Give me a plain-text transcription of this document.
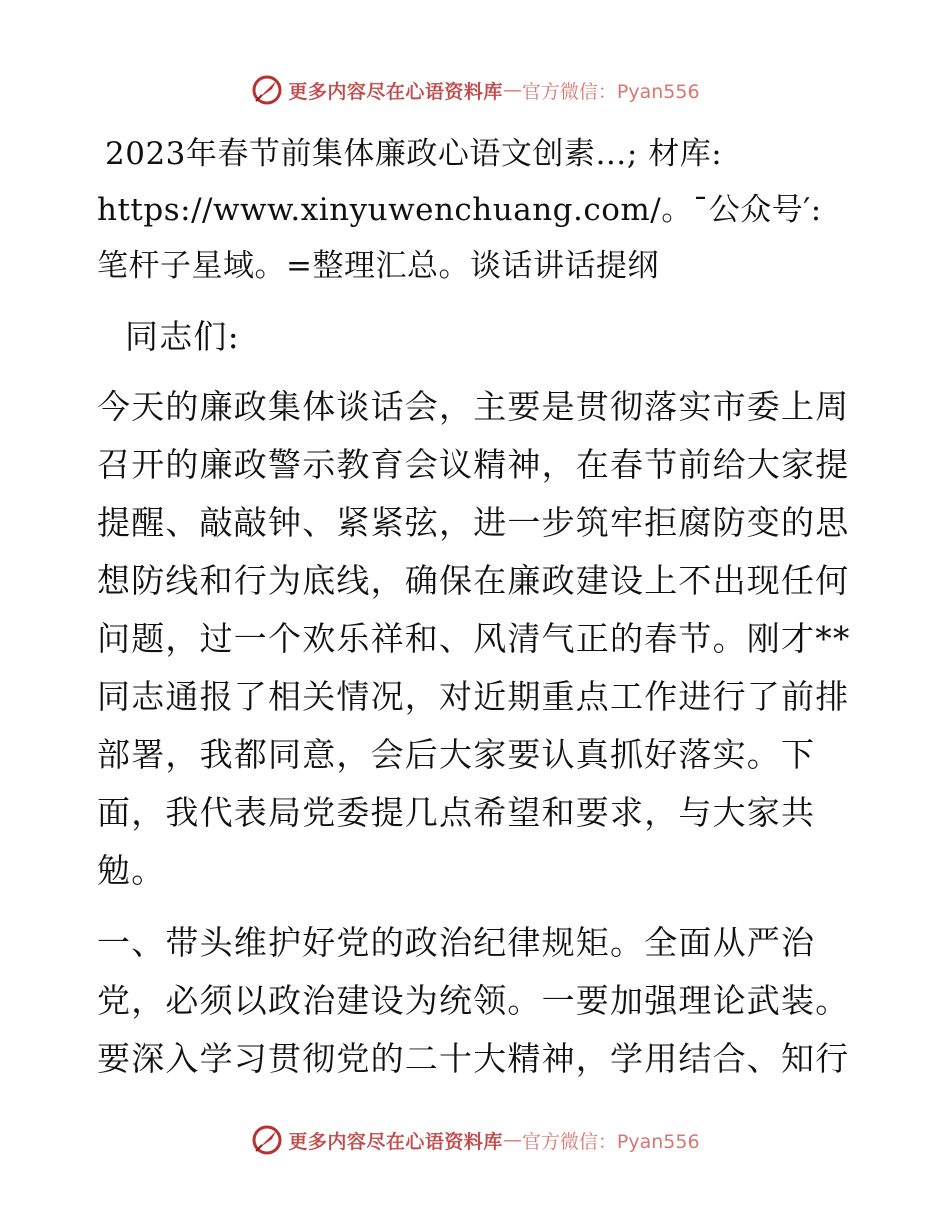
更多内容尽在心语资料库 — 官方微信：Pyan556

2023年春节前集体廉政心语文创素…; 材库:
https://www.xinyuwenchuang.com/。¯公众号′:
笔杆子星域。=整理汇总。谈话讲话提纲

同志们:

今天的廉政集体谈话会，主要是贯彻落实市委上周召开的廉政警示教育会议精神，在春节前给大家提提醒、敲敲钟、紧紧弦，进一步筑牢拒腐防变的思想防线和行为底线，确保在廉政建设上不出现任何问题，过一个欢乐祥和、风清气正的春节。刚才**同志通报了相关情况，对近期重点工作进行了前排部署，我都同意，会后大家要认真抓好落实。下面，我代表局党委提几点希望和要求，与大家共勉。

一、带头维护好党的政治纪律规矩。全面从严治党，必须以政治建设为统领。一要加强理论武装。要深入学习贯彻党的二十大精神，学用结合、知行

更多内容尽在心语资料库 — 官方微信：Pyan556
